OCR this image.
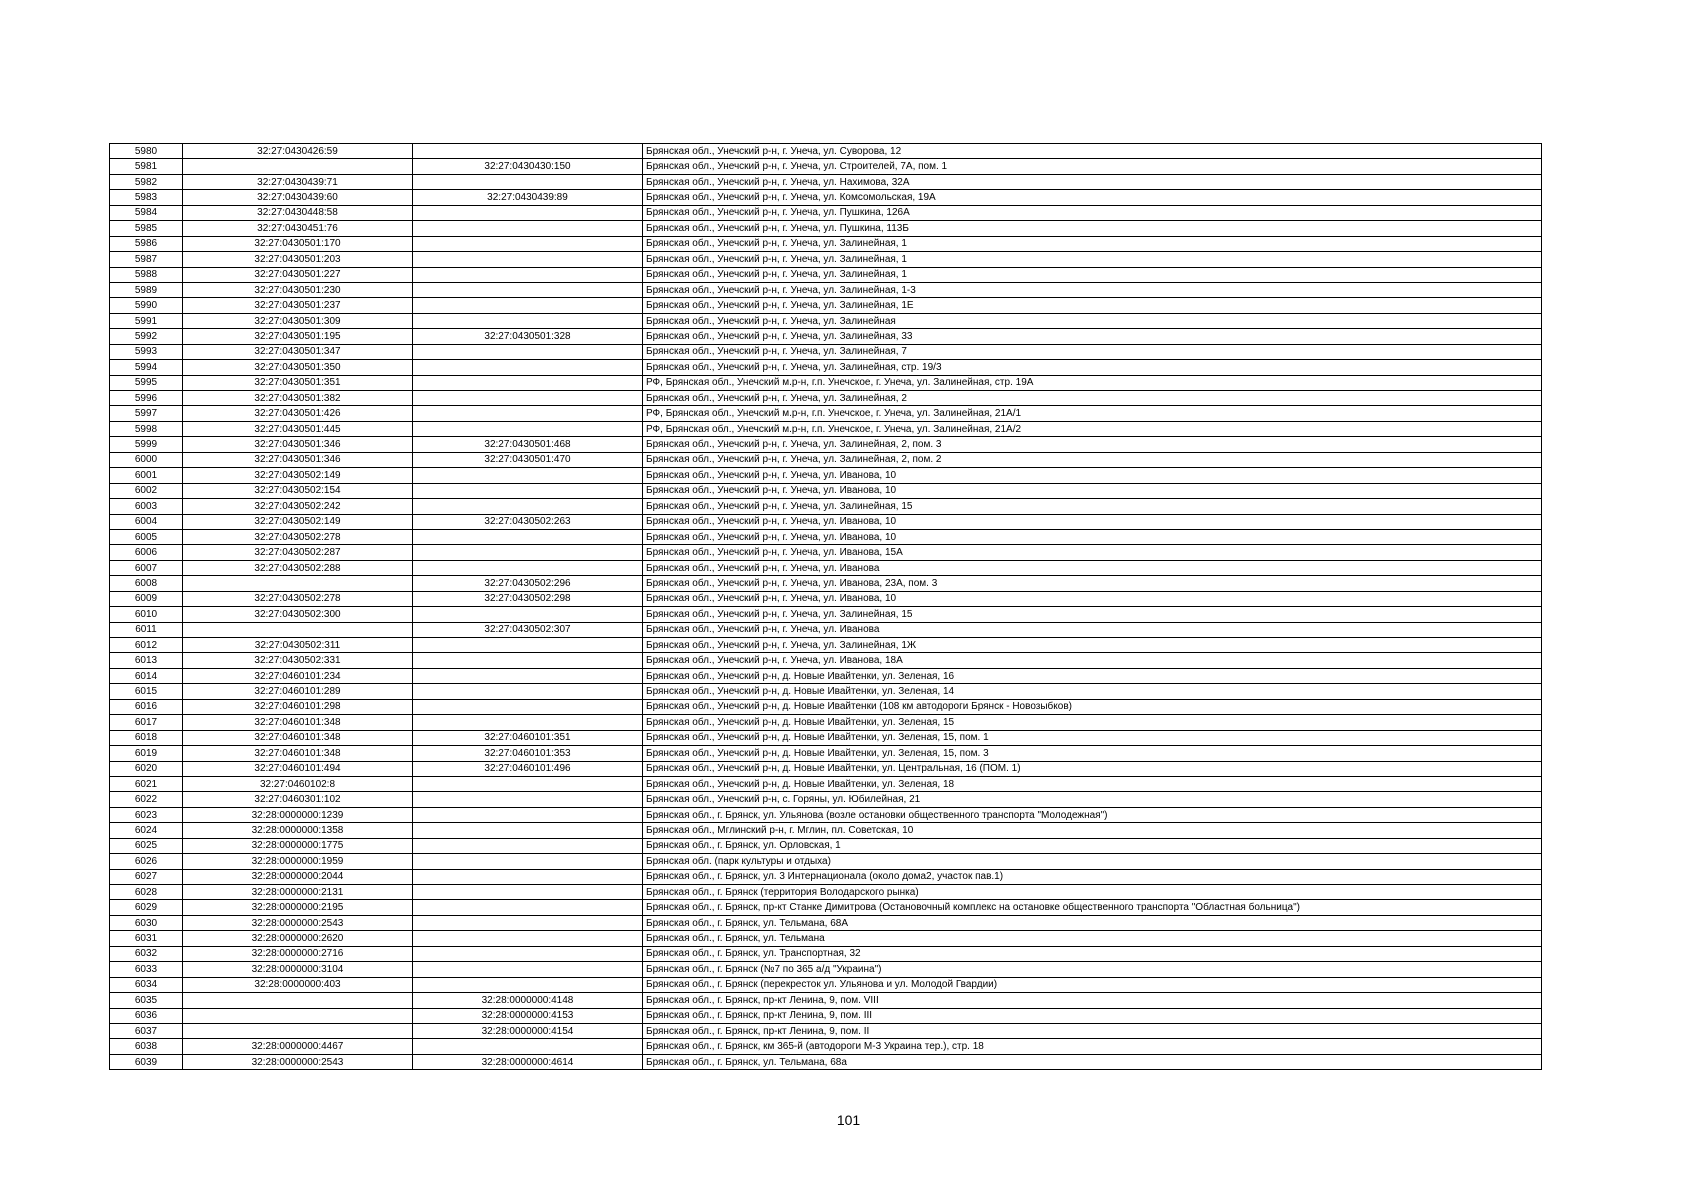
5980	32:27:0430426:59		Брянская обл., Унечский р-н, г. Унеча, ул. Суворова, 12
5981		32:27:0430430:150	Брянская обл., Унечский р-н, г. Унеча, ул. Строителей, 7А, пом. 1
5982	32:27:0430439:71		Брянская обл., Унечский р-н, г. Унеча, ул. Нахимова, 32А
5983	32:27:0430439:60	32:27:0430439:89	Брянская обл., Унечский р-н, г. Унеча, ул. Комсомольская, 19А
5984	32:27:0430448:58		Брянская обл., Унечский р-н, г. Унеча, ул. Пушкина, 126А
5985	32:27:0430451:76		Брянская обл., Унечский р-н, г. Унеча, ул. Пушкина, 113Б
5986	32:27:0430501:170		Брянская обл., Унечский р-н, г. Унеча, ул. Залинейная, 1
5987	32:27:0430501:203		Брянская обл., Унечский р-н, г. Унеча, ул. Залинейная, 1
5988	32:27:0430501:227		Брянская обл., Унечский р-н, г. Унеча, ул. Залинейная, 1
5989	32:27:0430501:230		Брянская обл., Унечский р-н, г. Унеча, ул. Залинейная, 1-3
5990	32:27:0430501:237		Брянская обл., Унечский р-н, г. Унеча, ул. Залинейная, 1Е
5991	32:27:0430501:309		Брянская обл., Унечский р-н, г. Унеча, ул. Залинейная
5992	32:27:0430501:195	32:27:0430501:328	Брянская обл., Унечский р-н, г. Унеча, ул. Залинейная, 33
5993	32:27:0430501:347		Брянская обл., Унечский р-н, г. Унеча, ул. Залинейная, 7
5994	32:27:0430501:350		Брянская обл., Унечский р-н, г. Унеча, ул. Залинейная, стр. 19/3
5995	32:27:0430501:351		РФ, Брянская обл., Унечский м.р-н, г.п. Унечское, г. Унеча, ул. Залинейная, стр. 19А
5996	32:27:0430501:382		Брянская обл., Унечский р-н, г. Унеча, ул. Залинейная, 2
5997	32:27:0430501:426		РФ, Брянская обл., Унечский м.р-н, г.п. Унечское, г. Унеча, ул. Залинейная, 21А/1
5998	32:27:0430501:445		РФ, Брянская обл., Унечский м.р-н, г.п. Унечское, г. Унеча, ул. Залинейная, 21А/2
5999	32:27:0430501:346	32:27:0430501:468	Брянская обл., Унечский р-н, г. Унеча, ул. Залинейная, 2, пом. 3
6000	32:27:0430501:346	32:27:0430501:470	Брянская обл., Унечский р-н, г. Унеча, ул. Залинейная, 2, пом. 2
6001	32:27:0430502:149		Брянская обл., Унечский р-н, г. Унеча, ул. Иванова, 10
6002	32:27:0430502:154		Брянская обл., Унечский р-н, г. Унеча, ул. Иванова, 10
6003	32:27:0430502:242		Брянская обл., Унечский р-н, г. Унеча, ул. Залинейная, 15
6004	32:27:0430502:149	32:27:0430502:263	Брянская обл., Унечский р-н, г. Унеча, ул. Иванова, 10
6005	32:27:0430502:278		Брянская обл., Унечский р-н, г. Унеча, ул. Иванова, 10
6006	32:27:0430502:287		Брянская обл., Унечский р-н, г. Унеча, ул. Иванова, 15А
6007	32:27:0430502:288		Брянская обл., Унечский р-н, г. Унеча, ул. Иванова
6008		32:27:0430502:296	Брянская обл., Унечский р-н, г. Унеча, ул. Иванова, 23А, пом. 3
6009	32:27:0430502:278	32:27:0430502:298	Брянская обл., Унечский р-н, г. Унеча, ул. Иванова, 10
6010	32:27:0430502:300		Брянская обл., Унечский р-н, г. Унеча, ул. Залинейная, 15
6011		32:27:0430502:307	Брянская обл., Унечский р-н, г. Унеча, ул. Иванова
6012	32:27:0430502:311		Брянская обл., Унечский р-н, г. Унеча, ул. Залинейная, 1Ж
6013	32:27:0430502:331		Брянская обл., Унечский р-н, г. Унеча, ул. Иванова, 18А
6014	32:27:0460101:234		Брянская обл., Унечский р-н, д. Новые Ивайтенки, ул. Зеленая, 16
6015	32:27:0460101:289		Брянская обл., Унечский р-н, д. Новые Ивайтенки, ул. Зеленая, 14
6016	32:27:0460101:298		Брянская обл., Унечский р-н, д. Новые Ивайтенки (108 км автодороги Брянск - Новозыбков)
6017	32:27:0460101:348		Брянская обл., Унечский р-н, д. Новые Ивайтенки, ул. Зеленая, 15
6018	32:27:0460101:348	32:27:0460101:351	Брянская обл., Унечский р-н, д. Новые Ивайтенки, ул. Зеленая, 15, пом. 1
6019	32:27:0460101:348	32:27:0460101:353	Брянская обл., Унечский р-н, д. Новые Ивайтенки, ул. Зеленая, 15, пом. 3
6020	32:27:0460101:494	32:27:0460101:496	Брянская обл., Унечский р-н, д. Новые Ивайтенки, ул. Центральная, 16 (ПОМ. 1)
6021	32:27:0460102:8		Брянская обл., Унечский р-н, д. Новые Ивайтенки, ул. Зеленая, 18
6022	32:27:0460301:102		Брянская обл., Унечский р-н, с. Горяны, ул. Юбилейная, 21
6023	32:28:0000000:1239		Брянская обл., г. Брянск, ул. Ульянова (возле остановки общественного транспорта "Молодежная")
6024	32:28:0000000:1358		Брянская обл., Мглинский р-н, г. Мглин, пл. Советская, 10
6025	32:28:0000000:1775		Брянская обл., г. Брянск, ул. Орловская, 1
6026	32:28:0000000:1959		Брянская обл. (парк культуры и отдыха)
6027	32:28:0000000:2044		Брянская обл., г. Брянск, ул. 3 Интернационала (около дома2, участок пав.1)
6028	32:28:0000000:2131		Брянская обл., г. Брянск (территория Володарского рынка)
6029	32:28:0000000:2195		Брянская обл., г. Брянск, пр-кт Станке Димитрова (Остановочный комплекс на остановке общественного транспорта "Областная больница")
6030	32:28:0000000:2543		Брянская обл., г. Брянск, ул. Тельмана, 68А
6031	32:28:0000000:2620		Брянская обл., г. Брянск, ул. Тельмана
6032	32:28:0000000:2716		Брянская обл., г. Брянск, ул. Транспортная, 32
6033	32:28:0000000:3104		Брянская обл., г. Брянск (№7 по 365 а/д "Украина")
6034	32:28:0000000:403		Брянская обл., г. Брянск (перекресток ул. Ульянова и ул. Молодой Гвардии)
6035		32:28:0000000:4148	Брянская обл., г. Брянск, пр-кт Ленина, 9, пом. VIII
6036		32:28:0000000:4153	Брянская обл., г. Брянск, пр-кт Ленина, 9, пом. III
6037		32:28:0000000:4154	Брянская обл., г. Брянск, пр-кт Ленина, 9, пом. II
6038	32:28:0000000:4467		Брянская обл., г. Брянск, км 365-й (автодороги М-3 Украина тер.), стр. 18
6039	32:28:0000000:2543	32:28:0000000:4614	Брянская обл., г. Брянск, ул. Тельмана, 68а
101
